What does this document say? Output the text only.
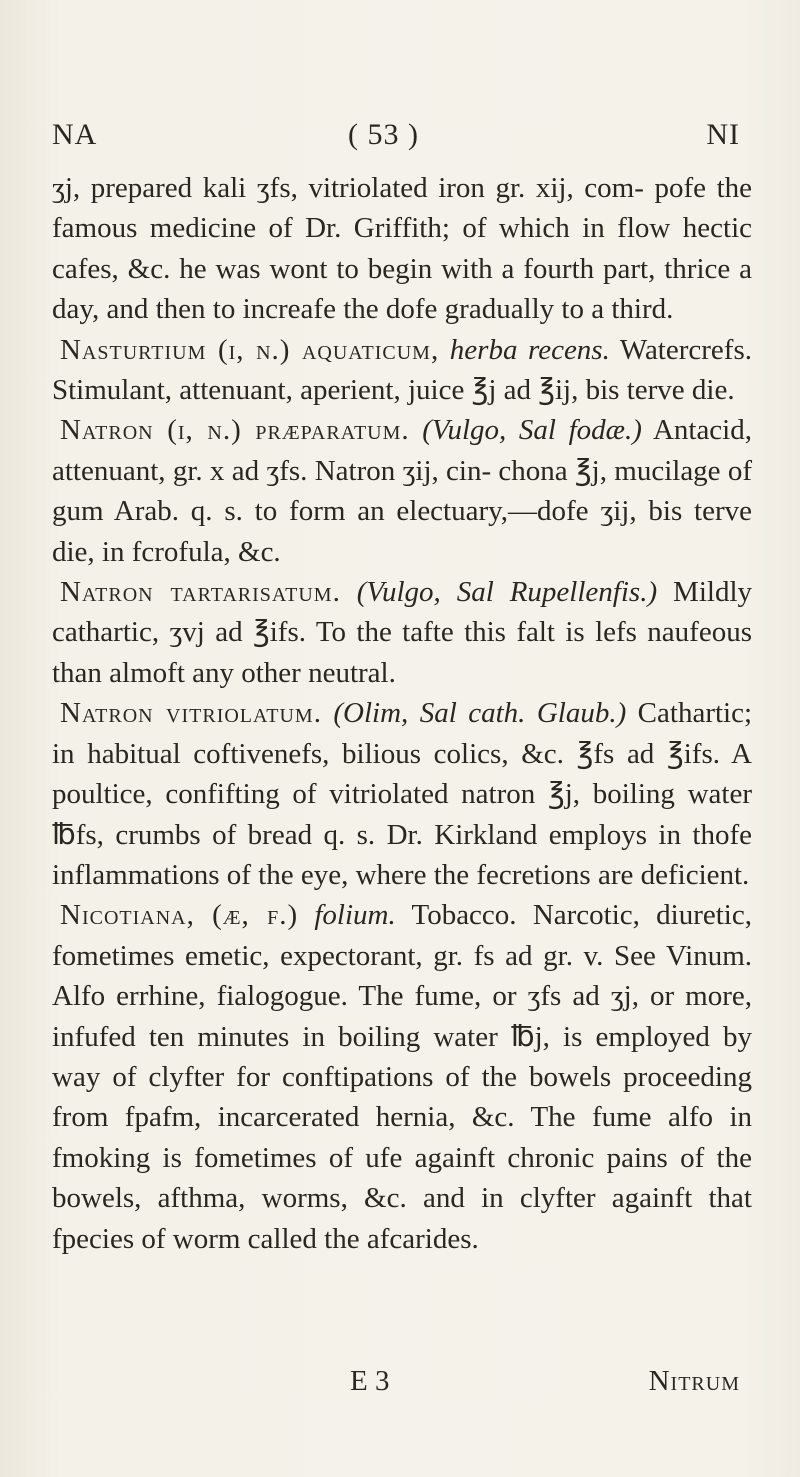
NA	( 53 )	NI

ʒj, prepared kali ʒfs, vitriolated iron gr. xij, com- pofe the famous medicine of Dr. Griffith; of which in flow hectic cafes, &c. he was wont to begin with a fourth part, thrice a day, and then to increafe the dofe gradually to a third.

Nasturtium (i, n.) aquaticum, herba recens. Watercrefs. Stimulant, attenuant, aperient, juice ℥j ad ℥ij, bis terve die.

Natron (i, n.) præparatum. (Vulgo, Sal fodæ.) Antacid, attenuant, gr. x ad ʒfs. Natron ʒij, cin- chona ℥j, mucilage of gum Arab. q. s. to form an electuary,—dofe ʒij, bis terve die, in fcrofula, &c.

Natron tartarisatum. (Vulgo, Sal Rupellenfis.) Mildly cathartic, ʒvj ad ℥ifs. To the tafte this falt is lefs naufeous than almoft any other neutral.

Natron vitriolatum. (Olim, Sal cath. Glaub.) Cathartic; in habitual coftivenefs, bilious colics, &c. ℥fs ad ℥ifs. A poultice, confifting of vitriolated natron ℥j, boiling water ℔fs, crumbs of bread q. s. Dr. Kirkland employs in thofe inflammations of the eye, where the fecretions are deficient.

Nicotiana, (æ, f.) folium. Tobacco. Narcotic, diuretic, fometimes emetic, expectorant, gr. fs ad gr. v. See Vinum. Alfo errhine, fialogogue. The fume, or ʒfs ad ʒj, or more, infufed ten minutes in boiling water ℔j, is employed by way of clyfter for conftipations of the bowels proceeding from fpafm, incarcerated hernia, &c. The fume alfo in fmoking is fometimes of ufe againft chronic pains of the bowels, afthma, worms, &c. and in clyfter againft that fpecies of worm called the afcarides.

E 3	Nitrum
